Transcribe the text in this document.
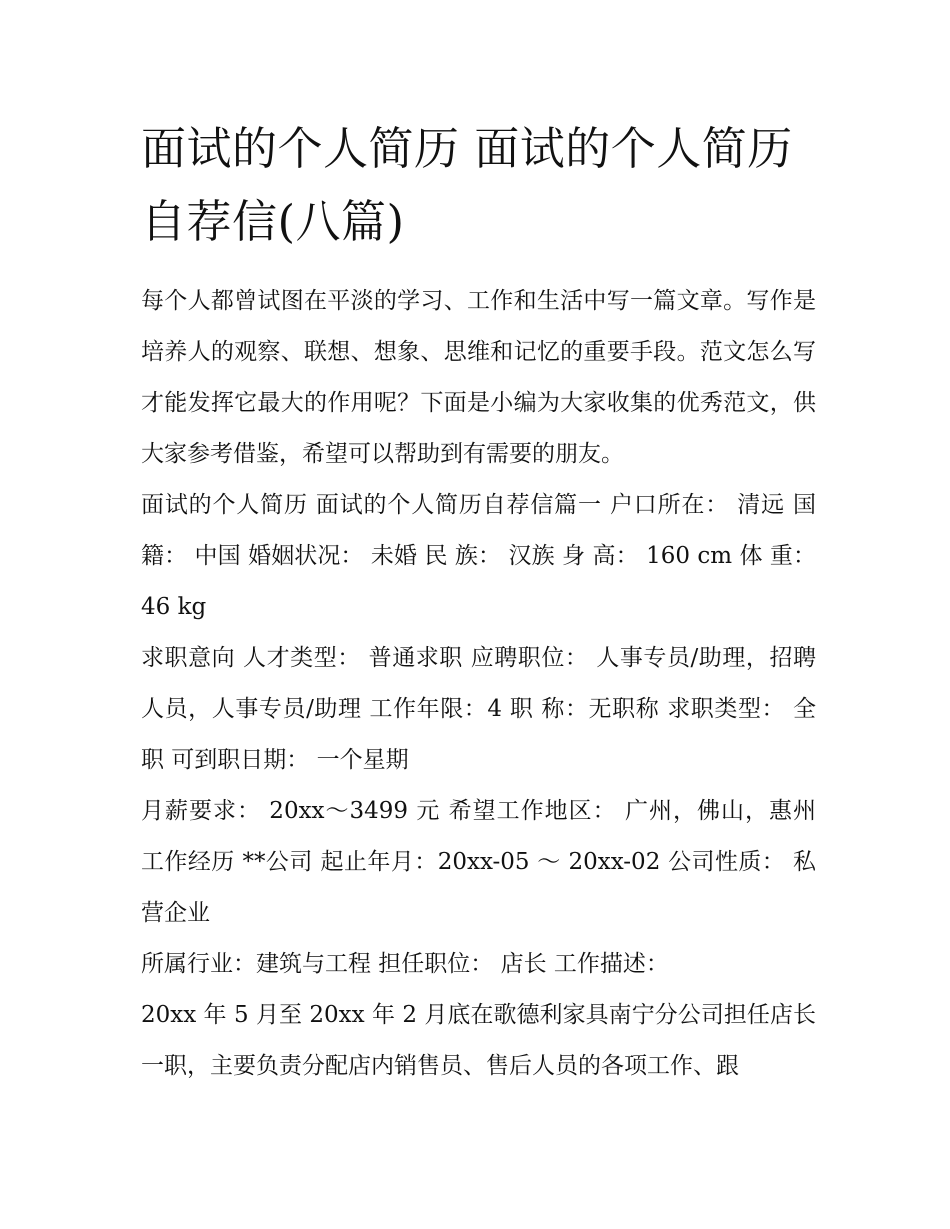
面试的个人简历 面试的个人简历自荐信(八篇)

每个人都曾试图在平淡的学习、工作和生活中写一篇文章。写作是培养人的观察、联想、想象、思维和记忆的重要手段。范文怎么写才能发挥它最大的作用呢？下面是小编为大家收集的优秀范文，供大家参考借鉴，希望可以帮助到有需要的朋友。

面试的个人简历 面试的个人简历自荐信篇一 户口所在： 清远 国 籍： 中国 婚姻状况： 未婚 民 族： 汉族 身 高： 160 cm 体 重： 46 kg

求职意向 人才类型： 普通求职 应聘职位： 人事专员/助理，招聘人员，人事专员/助理 工作年限：4 职 称：无职称 求职类型： 全职 可到职日期： 一个星期

月薪要求： 20xx～3499 元 希望工作地区： 广州，佛山，惠州 工作经历 **公司 起止年月：20xx-05 ～ 20xx-02 公司性质： 私营企业

所属行业：建筑与工程 担任职位： 店长 工作描述：

20xx 年 5 月至 20xx 年 2 月底在歌德利家具南宁分公司担任店长一职，主要负责分配店内销售员、售后人员的各项工作、跟
